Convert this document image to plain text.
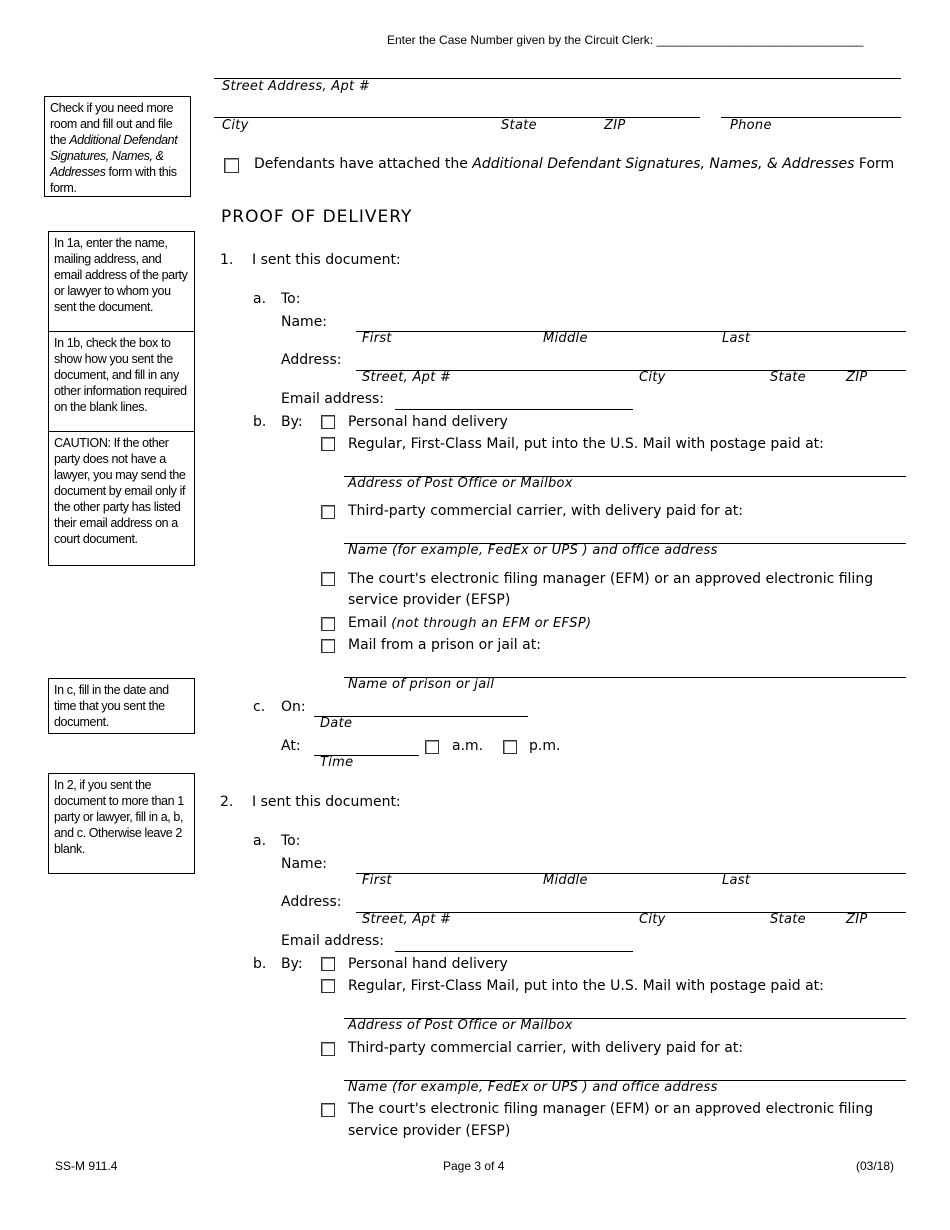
Enter the Case Number given by the Circuit Clerk: _______________________________
Street Address, Apt #
City	State	ZIP	Phone
Defendants have attached the Additional Defendant Signatures, Names, & Addresses Form
Check if you need more room and fill out and file the Additional Defendant Signatures, Names, & Addresses form with this form.
In 1a, enter the name, mailing address, and email address of the party or lawyer to whom you sent the document.
In 1b, check the box to show how you sent the document, and fill in any other information required on the blank lines.
CAUTION: If the other party does not have a lawyer, you may send the document by email only if the other party has listed their email address on a court document.
In c, fill in the date and time that you sent the document.
In 2, if you sent the document to more than 1 party or lawyer, fill in a, b, and c. Otherwise leave 2 blank.
PROOF OF DELIVERY
1. I sent this document:
a. To:
Name:
First	Middle	Last
Address:
Street, Apt #	City	State	ZIP
Email address:
b. By:	Personal hand delivery
Regular, First-Class Mail, put into the U.S. Mail with postage paid at:
Address of Post Office or Mailbox
Third-party commercial carrier, with delivery paid for at:
Name (for example, FedEx or UPS ) and office address
The court's electronic filing manager (EFM) or an approved electronic filing
service provider (EFSP)
Email (not through an EFM or EFSP)
Mail from a prison or jail at:
Name of prison or jail
c. On:
Date
At:
Time
a.m.	p.m.
2. I sent this document:
a. To:
Name:
First	Middle	Last
Address:
Street, Apt #	City	State	ZIP
Email address:
b. By:	Personal hand delivery
Regular, First-Class Mail, put into the U.S. Mail with postage paid at:
Address of Post Office or Mailbox
Third-party commercial carrier, with delivery paid for at:
Name (for example, FedEx or UPS ) and office address
The court's electronic filing manager (EFM) or an approved electronic filing
service provider (EFSP)
SS-M 911.4	Page 3 of 4	(03/18)
